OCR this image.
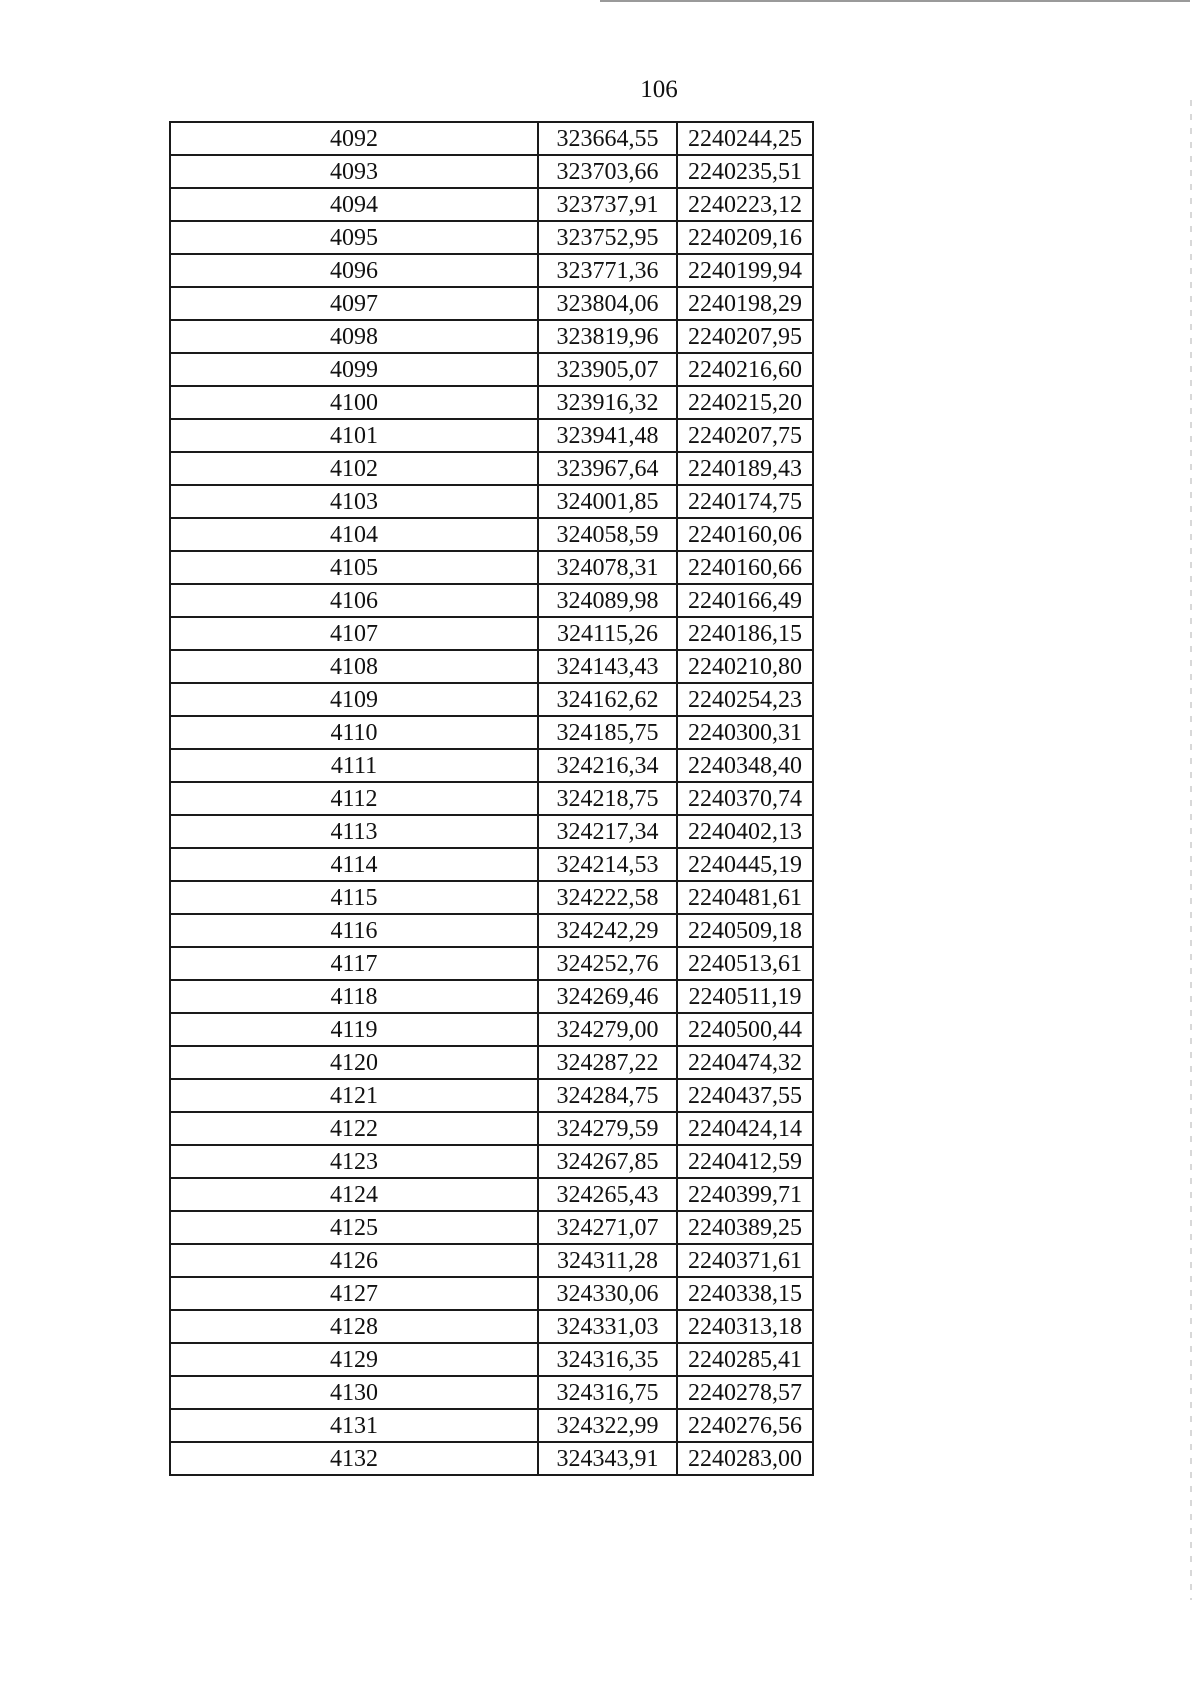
106
4092	323664,55	2240244,25
4093	323703,66	2240235,51
4094	323737,91	2240223,12
4095	323752,95	2240209,16
4096	323771,36	2240199,94
4097	323804,06	2240198,29
4098	323819,96	2240207,95
4099	323905,07	2240216,60
4100	323916,32	2240215,20
4101	323941,48	2240207,75
4102	323967,64	2240189,43
4103	324001,85	2240174,75
4104	324058,59	2240160,06
4105	324078,31	2240160,66
4106	324089,98	2240166,49
4107	324115,26	2240186,15
4108	324143,43	2240210,80
4109	324162,62	2240254,23
4110	324185,75	2240300,31
4111	324216,34	2240348,40
4112	324218,75	2240370,74
4113	324217,34	2240402,13
4114	324214,53	2240445,19
4115	324222,58	2240481,61
4116	324242,29	2240509,18
4117	324252,76	2240513,61
4118	324269,46	2240511,19
4119	324279,00	2240500,44
4120	324287,22	2240474,32
4121	324284,75	2240437,55
4122	324279,59	2240424,14
4123	324267,85	2240412,59
4124	324265,43	2240399,71
4125	324271,07	2240389,25
4126	324311,28	2240371,61
4127	324330,06	2240338,15
4128	324331,03	2240313,18
4129	324316,35	2240285,41
4130	324316,75	2240278,57
4131	324322,99	2240276,56
4132	324343,91	2240283,00
